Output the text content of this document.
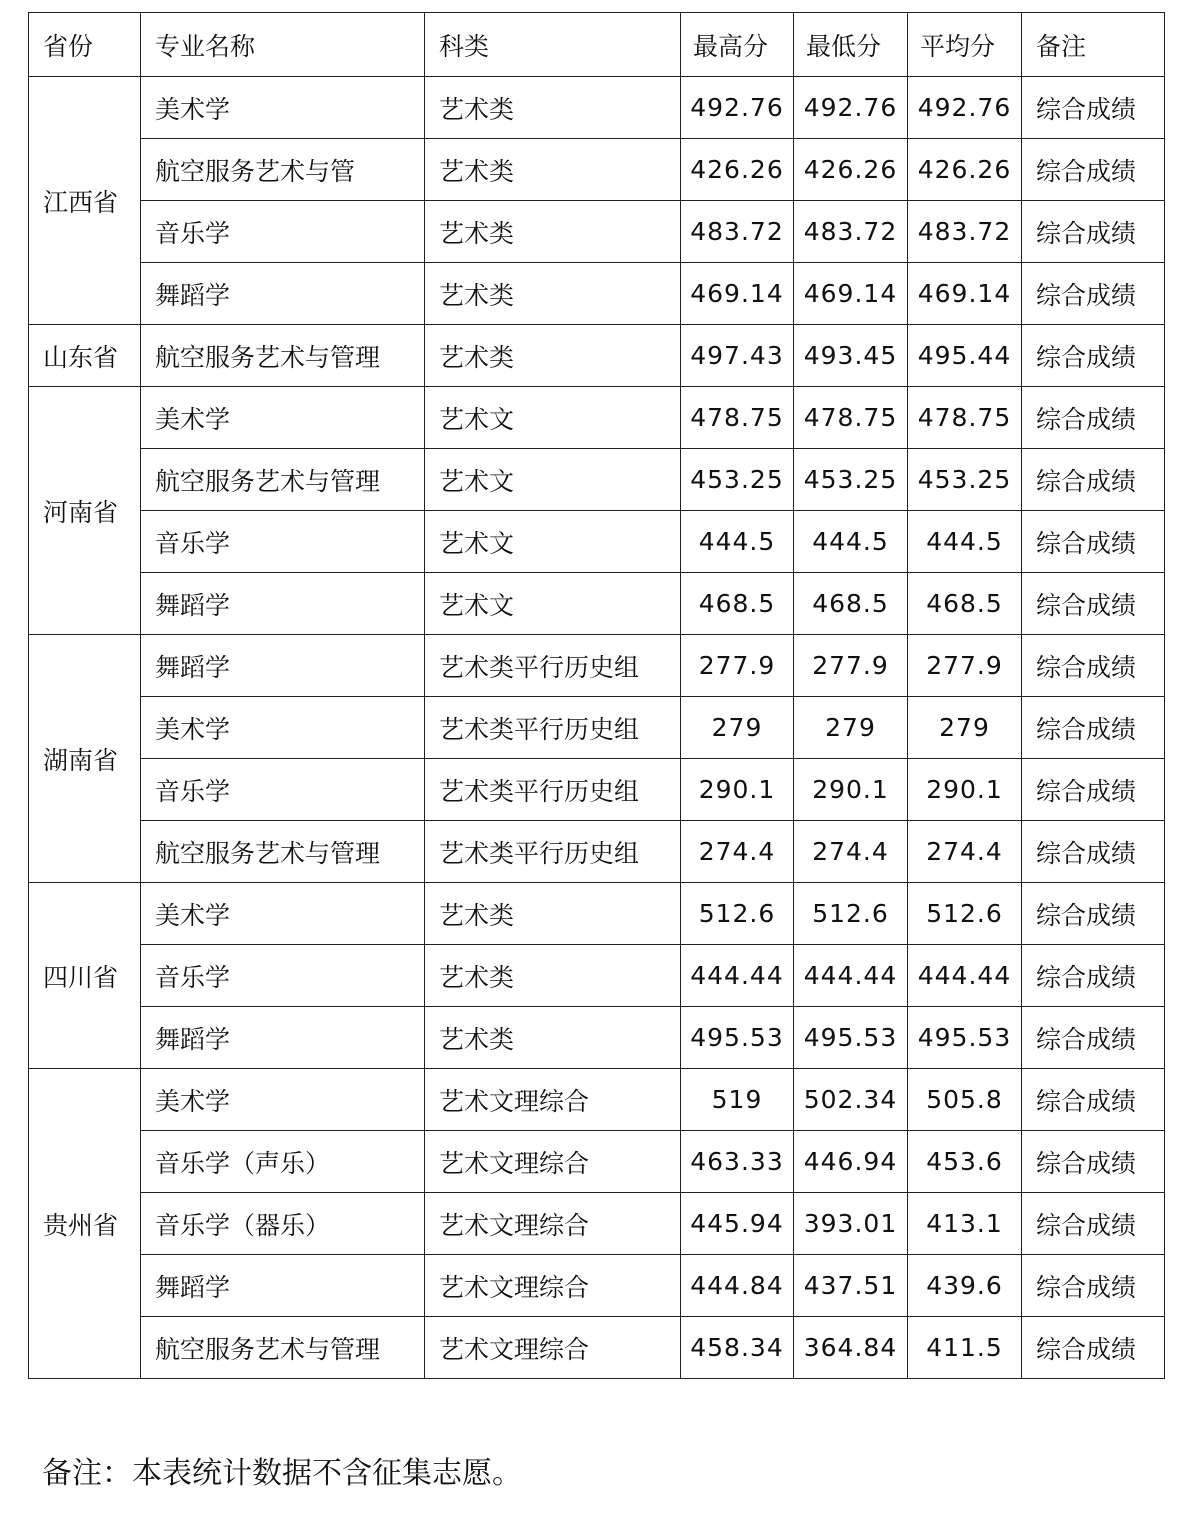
省份	专业名称	科类	最高分	最低分	平均分	备注
江西省	美术学	艺术类	492.76	492.76	492.76	综合成绩
	航空服务艺术与管	艺术类	426.26	426.26	426.26	综合成绩
	音乐学	艺术类	483.72	483.72	483.72	综合成绩
	舞蹈学	艺术类	469.14	469.14	469.14	综合成绩
山东省	航空服务艺术与管理	艺术类	497.43	493.45	495.44	综合成绩
河南省	美术学	艺术文	478.75	478.75	478.75	综合成绩
	航空服务艺术与管理	艺术文	453.25	453.25	453.25	综合成绩
	音乐学	艺术文	444.5	444.5	444.5	综合成绩
	舞蹈学	艺术文	468.5	468.5	468.5	综合成绩
湖南省	舞蹈学	艺术类平行历史组	277.9	277.9	277.9	综合成绩
	美术学	艺术类平行历史组	279	279	279	综合成绩
	音乐学	艺术类平行历史组	290.1	290.1	290.1	综合成绩
	航空服务艺术与管理	艺术类平行历史组	274.4	274.4	274.4	综合成绩
四川省	美术学	艺术类	512.6	512.6	512.6	综合成绩
	音乐学	艺术类	444.44	444.44	444.44	综合成绩
	舞蹈学	艺术类	495.53	495.53	495.53	综合成绩
贵州省	美术学	艺术文理综合	519	502.34	505.8	综合成绩
	音乐学（声乐）	艺术文理综合	463.33	446.94	453.6	综合成绩
	音乐学（器乐）	艺术文理综合	445.94	393.01	413.1	综合成绩
	舞蹈学	艺术文理综合	444.84	437.51	439.6	综合成绩
	航空服务艺术与管理	艺术文理综合	458.34	364.84	411.5	综合成绩
备注：本表统计数据不含征集志愿。
